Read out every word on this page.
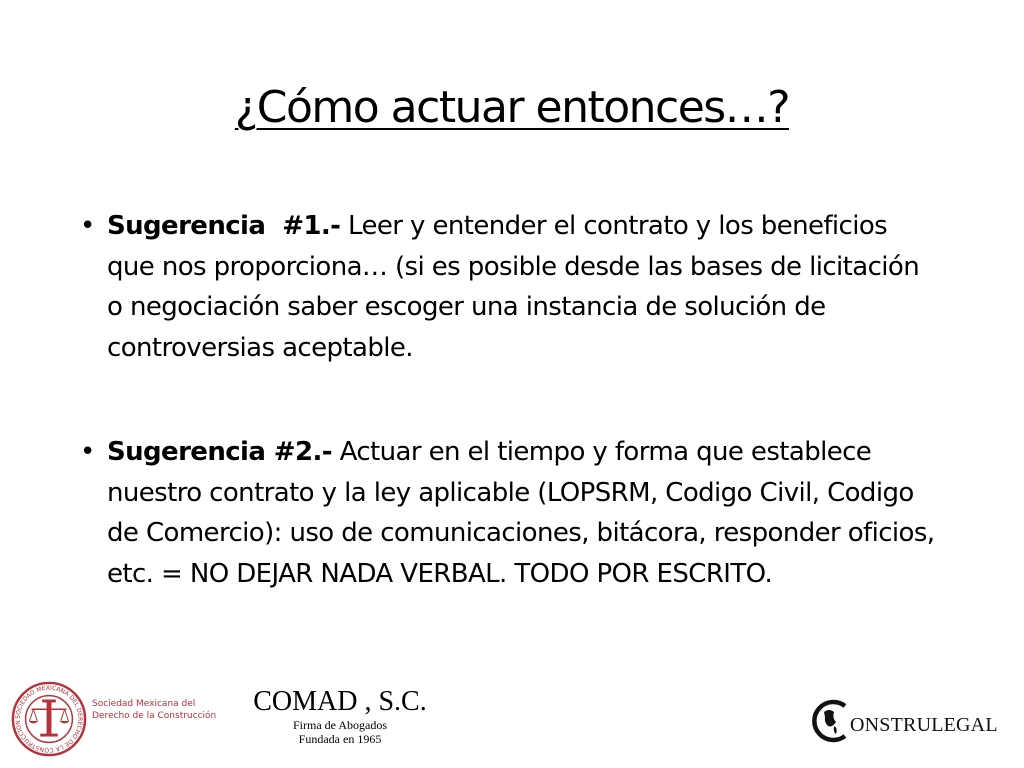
¿Cómo actuar entonces…?
• Sugerencia  #1.- Leer y entender el contrato y los beneficios que nos proporciona… (si es posible desde las bases de licitación o negociación saber escoger una instancia de solución de controversias aceptable.
• Sugerencia #2.- Actuar en el tiempo y forma que establece nuestro contrato y la ley aplicable (LOPSRM, Codigo Civil, Codigo de Comercio): uso de comunicaciones, bitácora, responder oficios, etc. = NO DEJAR NADA VERBAL. TODO POR ESCRITO.
SOCIEDAD MEXICANA DEL DERECHO DE LA CONSTRUCCIÓN
Sociedad Mexicana del
Derecho de la Construcción COMAD , S.C.
Firma de Abogados
Fundada en 1965
ONSTRULEGAL
